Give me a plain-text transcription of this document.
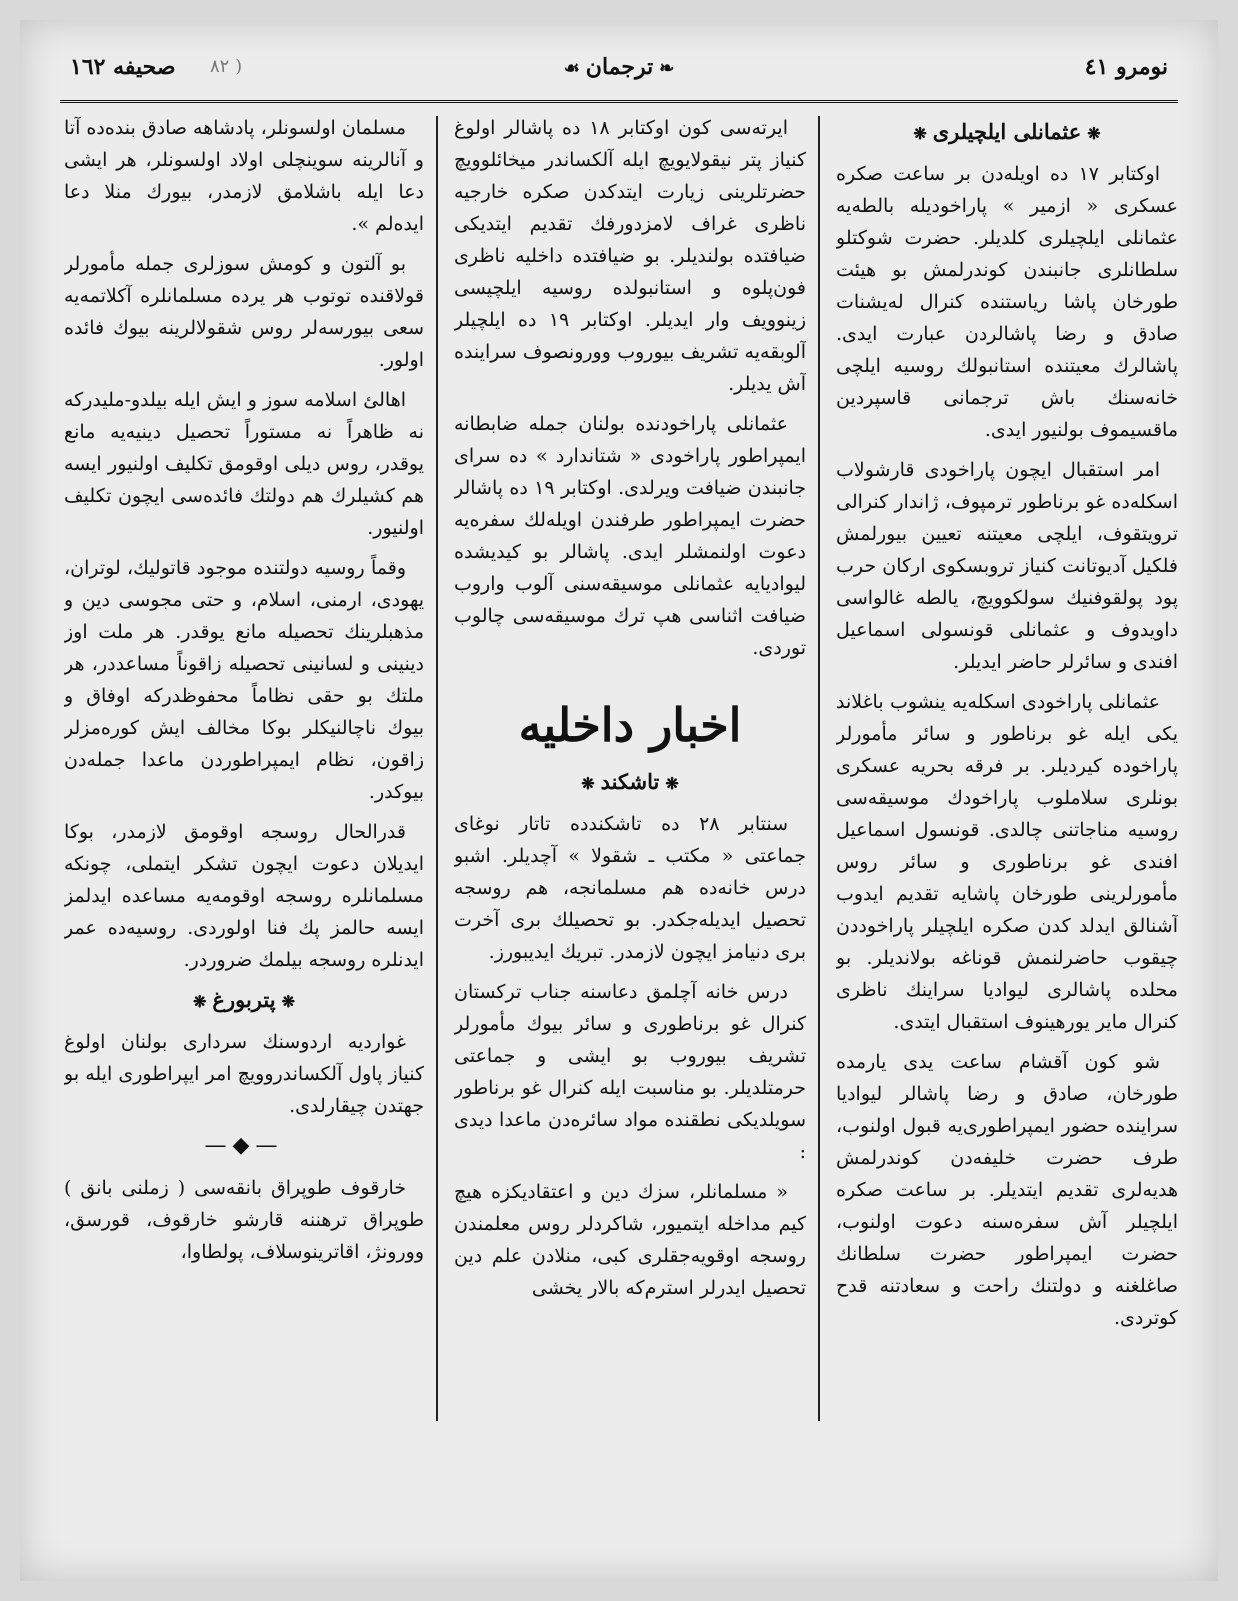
نومرو ٤١
❧ترجمان☙
( ٨٢
صحيفه ١٦٢
❋عثمانلی ايلچيلری❋

اوكتابر ١٧ ده اويله‌دن بر ساعت صكره عسكری « ازمير » پاراخوديله بالطه‌يه عثمانلی ايلچيلری كلديلر. حضرت شوكتلو سلطانلری جانبندن كوندرلمش بو هيئت طورخان پاشا رياستنده كنرال له‌يشنات صادق و رضا پاشالردن عبارت ايدی. پاشالرك معيتنده استانبولك روسيه ايلچی خانه‌سنك باش ترجمانی قاسپردين ماقسيموف بولنيور ايدی.

امر استقبال ايچون پاراخودی قارشولاب اسكله‌ده غو برناطور ترمپوف، ژاندار كنرالی ترويتقوف، ايلچی معيتنه تعيين بيورلمش فلكيل آديوتانت كنياز تروبسكوی اركان حرب پود پولقوفنيك سولكوويچ، يالطه غالواسی داويدوف و عثمانلی قونسولی اسماعيل افندی و سائرلر حاضر ايديلر.

عثمانلی پاراخودی اسكله‌يه ينشوب باغلاند يكی ايله غو برناطور و سائر مأمورلر پاراخوده كيرديلر. بر فرقه بحريه عسكری بونلری سلاملوب پاراخودك موسيقه‌سی روسيه مناجاتنی چالدی. قونسول اسماعيل افندی غو برناطوری و سائر روس مأمورلرينی طورخان پاشايه تقديم ايدوب آشنالق ايدلد كدن صكره ايلچيلر پاراخوددن چيقوب حاضرلنمش قوناغه بولانديلر. بو محلده پاشالری ليواديا سراينك ناظری كنرال ماير يورهينوف استقبال ايتدی.

شو كون آقشام ساعت يدی يارمده طورخان، صادق و رضا پاشالر ليواديا سراينده حضور ايمپراطوری‌يه قبول اولنوب، طرف حضرت خليفه‌دن كوندرلمش هديه‌لری تقديم ايتديلر. بر ساعت صكره ايلچيلر آش سفره‌سنه دعوت اولنوب، حضرت ايمپراطور حضرت سلطانك صاغلغنه و دولتنك راحت و سعادتنه قدح كوتردی.

ايرته‌سی كون اوكتابر ١٨ ده پاشالر اولوغ كنياز پتر نيقولايويچ ايله آلكساندر ميخائلوويچ حضرتلرينی زيارت ايتدكدن صكره خارجيه ناظری غراف لامزدورفك تقديم ايتديكی ضيافتده بولنديلر. بو ضيافتده داخليه ناظری فون‌پلوه و استانبولده روسيه ايلچيسی زينوويف وار ايديلر. اوكتابر ١٩ ده ايلچيلر آلوبقه‌يه تشريف بيوروب وورونصوف سراينده آش يديلر.

عثمانلی پاراخودنده بولنان جمله ضابطانه ايمپراطور پاراخودی « شتاندارد » ده سرای جانبندن ضيافت ويرلدی. اوكتابر ١٩ ده پاشالر حضرت ايمپراطور طرفندن اويله‌لك سفره‌يه دعوت اولنمشلر ايدی. پاشالر بو كيديشده ليواديايه عثمانلی موسيقه‌سنی آلوب واروب ضيافت اثناسی هپ ترك موسيقه‌سی چالوب توردی.

اخبار داخليه
❋تاشكند❋

سنتابر ٢٨ ده تاشكندده تاتار نوغای جماعتی « مكتب ـ شقولا » آچديلر. اشبو درس خانه‌ده هم مسلمانجه، هم روسجه تحصيل ايديله‌جكدر. بو تحصيلك بری آخرت بری دنيامز ايچون لازمدر. تبريك ايديبورز.

درس خانه آچلمق دعاسنه جناب تركستان كنرال غو برناطوری و سائر بيوك مأمورلر تشريف بيوروب بو ايشی و جماعتی حرمتلديلر. بو مناسبت ايله كنرال غو برناطور سويلديكی نطقنده مواد سائره‌دن ماعدا ديدی :

« مسلمانلر، سزك دين و اعتقاديكزه هيچ كيم مداخله ايتميور، شاكردلر روس معلمندن روسجه اوقويه‌جقلری كبی، منلادن علم دين تحصيل ايدرلر استرم‌كه بالار يخشی

مسلمان اولسونلر، پادشاهه صادق بنده‌ده آتا و آنالرينه سوينچلی اولاد اولسونلر، هر ايشی دعا ايله باشلامق لازمدر، بيورك منلا دعا ايده‌لم ».

بو آلتون و كومش سوزلری جمله مأمورلر قولاقنده توتوب هر يرده مسلمانلره آكلاتمه‌يه سعی بيورسه‌لر روس شقولالرينه بيوك فائده اولور.

اهالئ اسلامه سوز و ايش ايله بيلدو-مليدركه نه ظاهراً نه مستوراً تحصيل دينيه‌يه مانع يوقدر، روس ديلی اوقومق تكليف اولنيور ايسه هم كشيلرك هم دولتك فائده‌سی ايچون تكليف اولنيور.

وقماً روسيه دولتنده موجود قاتوليك، لوتران، يهودی، ارمنی، اسلام، و حتی مجوسی دين و مذهبلرينك تحصيله مانع يوقدر. هر ملت اوز دينينی و لسانينی تحصيله زاقوناً مساعددر، هر ملتك بو حقی نظاماً محفوظدركه اوفاق و بيوك ناچالنيكلر بوكا مخالف ايش كوره‌مزلر زاقون، نظام ايمپراطوردن ماعدا جمله‌دن بيوكدر.

قدرالحال روسجه اوقومق لازمدر، بوكا ايديلان دعوت ايچون تشكر ايتملی، چونكه مسلمانلره روسجه اوقومه‌يه مساعده ايدلمز ايسه حالمز پك فنا اولوردی. روسيه‌ده عمر ايدنلره روسجه بيلمك ضروردر.

❋پتربورغ❋

غواردیه اردوسنك سرداری بولنان اولوغ كنياز پاول آلكساندروويچ امر ايپراطوری ايله بو جهتدن چيقارلدی.

—◆—

خارقوف طوپراق بانقه‌سی ( زملنی بانق ) طوپراق ترهننه قارشو خارقوف، قورسق، وورونژ، اقاترينوسلاف، پولطاوا،
